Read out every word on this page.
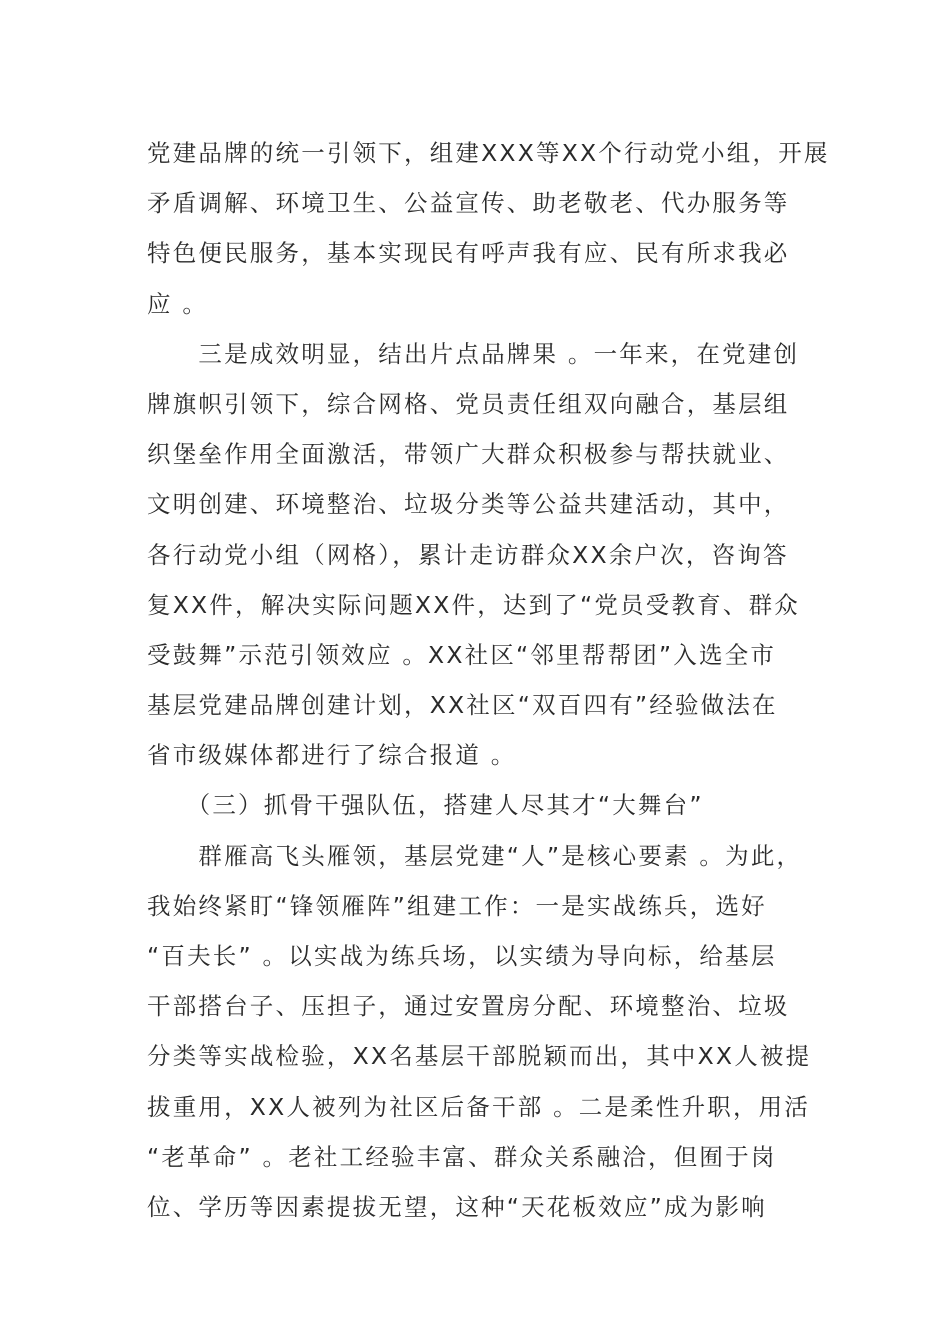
党建品牌的统一引领下，组建XXX等XX个行动党小组，开展
矛盾调解、环境卫生、公益宣传、助老敬老、代办服务等
特色便民服务，基本实现民有呼声我有应、民有所求我必
应 。
　　三是成效明显，结出片点品牌果 。一年来，在党建创
牌旗帜引领下，综合网格、党员责任组双向融合，基层组
织堡垒作用全面激活，带领广大群众积极参与帮扶就业、
文明创建、环境整治、垃圾分类等公益共建活动，其中，
各行动党小组（网格），累计走访群众XX余户次，咨询答
复XX件，解决实际问题XX件，达到了“党员受教育、群众
受鼓舞”示范引领效应 。XX社区“邻里帮帮团”入选全市
基层党建品牌创建计划，XX社区“双百四有”经验做法在
省市级媒体都进行了综合报道 。
　　（三）抓骨干强队伍，搭建人尽其才“大舞台”
　　群雁高飞头雁领，基层党建“人”是核心要素 。为此，
我始终紧盯“锋领雁阵”组建工作：一是实战练兵，选好
“百夫长” 。以实战为练兵场，以实绩为导向标，给基层
干部搭台子、压担子，通过安置房分配、环境整治、垃圾
分类等实战检验，XX名基层干部脱颖而出，其中XX人被提
拔重用，XX人被列为社区后备干部 。二是柔性升职，用活
“老革命” 。老社工经验丰富、群众关系融洽，但囿于岗
位、学历等因素提拔无望，这种“天花板效应”成为影响
